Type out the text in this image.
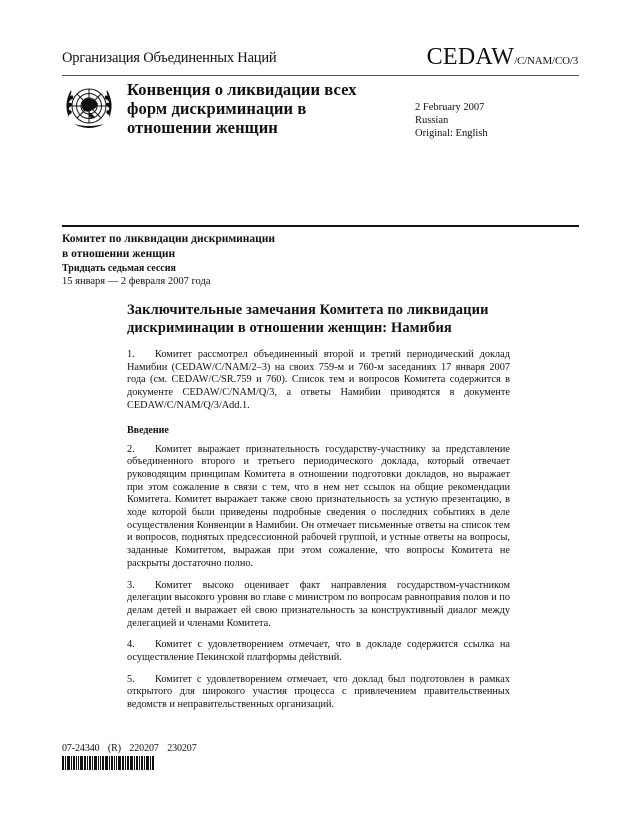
Организация Объединенных Наций	CEDAW/C/NAM/CO/3
Конвенция о ликвидации всех
форм дискриминации в
отношении женщин
2 February 2007
Russian
Original: English
Комитет по ликвидации дискриминации
в отношении женщин
Тридцать седьмая сессия
15 января — 2 февраля 2007 года
Заключительные замечания Комитета по ликвидации
дискриминации в отношении женщин: Намибия

1. Комитет рассмотрел объединенный второй и третий периодический доклад Намибии (CEDAW/C/NAM/2–3) на своих 759-м и 760-м заседаниях 17 января 2007 года (см. CEDAW/C/SR.759 и 760). Список тем и вопросов Комитета содержится в документе CEDAW/C/NAM/Q/3, а ответы Намибии приводятся в документе CEDAW/C/NAM/Q/3/Add.1.

Введение

2. Комитет выражает признательность государству-участнику за представление объединенного второго и третьего периодического доклада, который отвечает руководящим принципам Комитета в отношении подготовки докладов, но выражает при этом сожаление в связи с тем, что в нем нет ссылок на общие рекомендации Комитета. Комитет выражает также свою признательность за устную презентацию, в ходе которой были приведены подробные сведения о последних событиях в деле осуществления Конвенции в Намибии. Он отмечает письменные ответы на список тем и вопросов, поднятых предсессионной рабочей группой, и устные ответы на вопросы, заданные Комитетом, выражая при этом сожаление, что вопросы Комитета не раскрыты достаточно полно.

3. Комитет высоко оценивает факт направления государством-участником делегации высокого уровня во главе с министром по вопросам равноправия полов и по делам детей и выражает ей свою признательность за конструктивный диалог между делегацией и членами Комитета.

4. Комитет с удовлетворением отмечает, что в докладе содержится ссылка на осуществление Пекинской платформы действий.

5. Комитет с удовлетворением отмечает, что доклад был подготовлен в рамках открытого для широкого участия процесса с привлечением правительственных ведомств и неправительственных организаций.

07-24340 (R) 220207 230207
